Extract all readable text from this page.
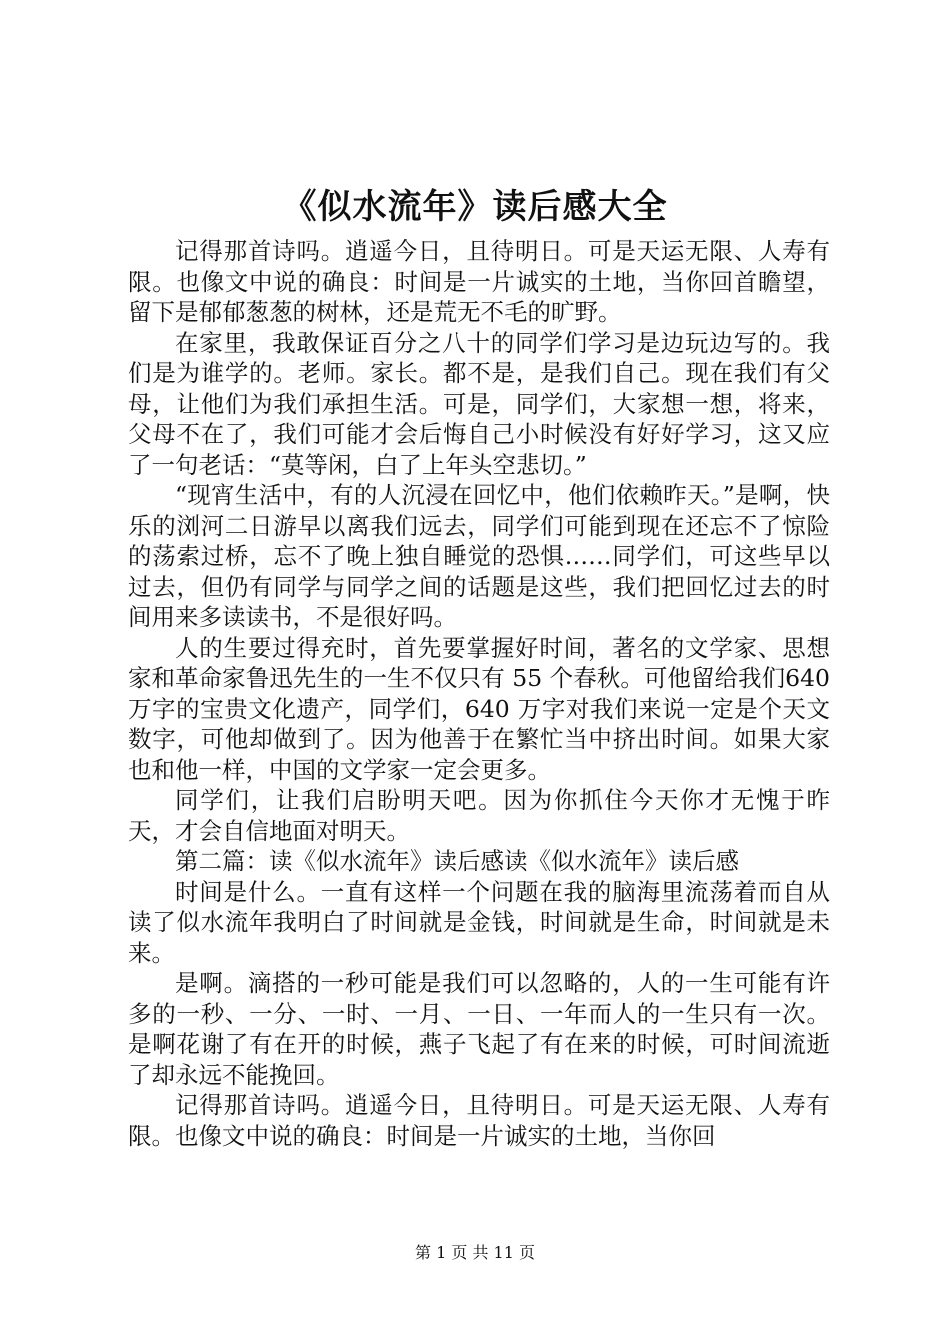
《似水流年》读后感大全

记得那首诗吗。逍遥今日，且待明日。可是天运无限、人寿有限。也像文中说的确良：时间是一片诚实的土地，当你回首瞻望，留下是郁郁葱葱的树林，还是荒无不毛的旷野。

在家里，我敢保证百分之八十的同学们学习是边玩边写的。我们是为谁学的。老师。家长。都不是，是我们自己。现在我们有父母，让他们为我们承担生活。可是，同学们，大家想一想，将来，父母不在了，我们可能才会后悔自己小时候没有好好学习，这又应了一句老话：“莫等闲，白了上年头空悲切。”

“现宵生活中，有的人沉浸在回忆中，他们依赖昨天。”是啊，快乐的浏河二日游早以离我们远去，同学们可能到现在还忘不了惊险的荡索过桥，忘不了晚上独自睡觉的恐惧……同学们，可这些早以过去，但仍有同学与同学之间的话题是这些，我们把回忆过去的时间用来多读读书，不是很好吗。

人的生要过得充时，首先要掌握好时间，著名的文学家、思想家和革命家鲁迅先生的一生不仅只有 55 个春秋。可他留给我们640 万字的宝贵文化遗产，同学们，640 万字对我们来说一定是个天文数字，可他却做到了。因为他善于在繁忙当中挤出时间。如果大家也和他一样，中国的文学家一定会更多。

同学们，让我们启盼明天吧。因为你抓住今天你才无愧于昨天，才会自信地面对明天。

第二篇：读《似水流年》读后感读《似水流年》读后感

时间是什么。一直有这样一个问题在我的脑海里流荡着而自从读了似水流年我明白了时间就是金钱，时间就是生命，时间就是未来。

是啊。滴搭的一秒可能是我们可以忽略的，人的一生可能有许多的一秒、一分、一时、一月、一日、一年而人的一生只有一次。是啊花谢了有在开的时候，燕子飞起了有在来的时候，可时间流逝了却永远不能挽回。

记得那首诗吗。逍遥今日，且待明日。可是天运无限、人寿有限。也像文中说的确良：时间是一片诚实的土地，当你回

第 1 页 共 11 页
